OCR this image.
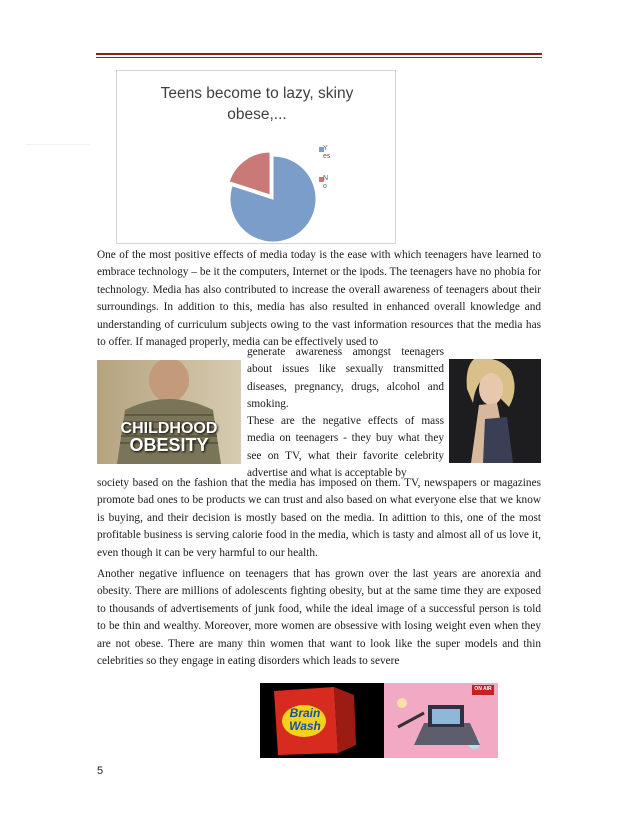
Teens become to lazy, skiny obese,...
Y es
N o
One of the most positive effects of media today is the ease with which teenagers have learned to embrace technology – be it the computers, Internet or the ipods. The teenagers have no phobia for technology. Media has also contributed to increase the overall awareness of teenagers about their surroundings. In addition to this, media has also resulted in enhanced overall knowledge and understanding of curriculum subjects owing to the vast information resources that the media has to offer. If managed properly, media can be effectively used to
CHILDHOOD
OBESITY
generate awareness amongst teenagers about issues like sexually transmitted diseases, pregnancy, drugs, alcohol and smoking.
These are the negative effects of mass media on teenagers - they buy what they see on TV, what their favorite celebrity advertise and what is acceptable by
society based on the fashion that the media has imposed on them. TV, newspapers or magazines promote bad ones to be products we can trust and also based on what everyone else that we know is buying, and their decision is mostly based on the media. In adittion to this, one of the most profitable business is serving calorie food in the media, which is tasty and almost all of us love it, even though it can be very harmful to our health.
Another negative influence on teenagers that has grown over the last years are anorexia and obesity. There are millions of adolescents fighting obesity, but at the same time they are exposed to thousands of advertisements of junk food, while the ideal image of a successful person is told to be thin and wealthy. Moreover, more women are obsessive with losing weight even when they are not obese. There are many thin women that want to look like the super models and thin celebrities so they engage in eating disorders which leads to severe
Brain
Wash
ON AIR
5
